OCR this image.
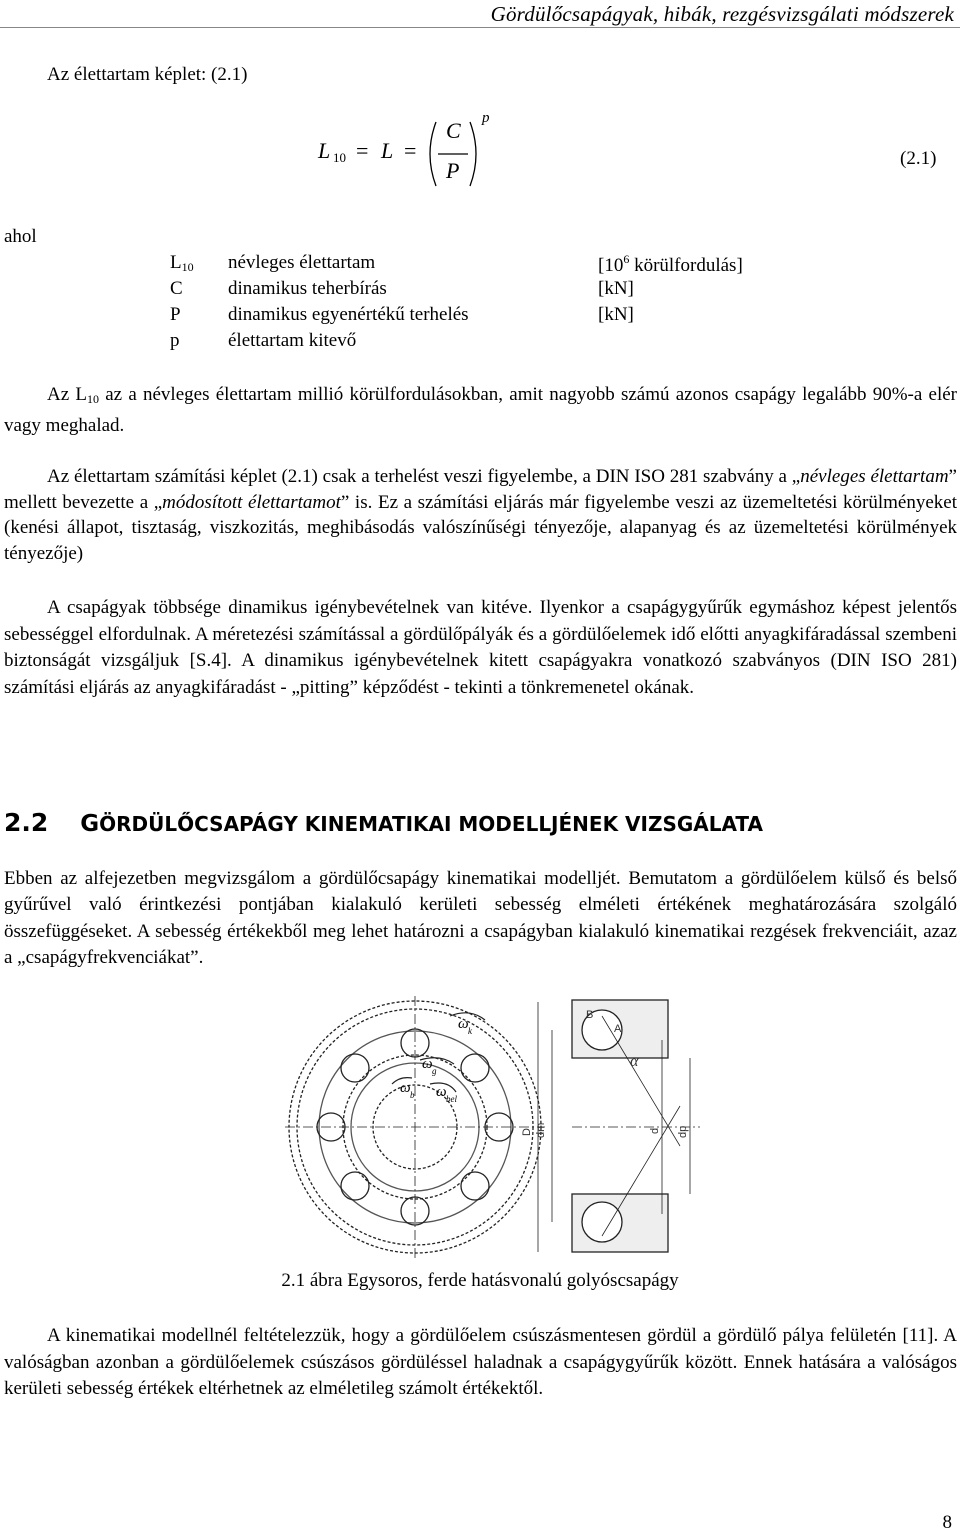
Gördülőcsapágyak, hibák, rezgésvizsgálati módszerek
Az élettartam képlet: (2.1)
L 10 = L =
C
P
p
(2.1)
ahol
$L_{10}$ névleges élettartam	[$10^6$ körülfordulás]
C dinamikus teherbírás	[kN]
P dinamikus egyenértékű terhelés	[kN]
p	élettartam kitevő

Az $L_{10}$ az a névleges élettartam millió körülfordulásokban, amit nagyobb számú azonos csapágy legalább 90%-a elér vagy meghalad.

Az élettartam számítási képlet (2.1) csak a terhelést veszi figyelembe, a DIN ISO 281 szabvány a „névleges élettartam” mellett bevezette a „módosított élettartamot” is. Ez a számítási eljárás már figyelembe veszi az üzemeltetési körülményeket (kenési állapot, tisztaság, viszkozitás, meghibásodás valószínűségi tényezője, alapanyag és az üzemeltetési körülmények tényezője)

A csapágyak többsége dinamikus igénybevételnek van kitéve. Ilyenkor a csapágygyűrűk egymáshoz képest jelentős sebességgel elfordulnak. A méretezési számítással a gördülőpályák és a gördülőelemek idő előtti anyagkifáradással szembeni biztonságát vizsgáljuk [S.4]. A dinamikus igénybevételnek kitett csapágyakra vonatkozó szabványos (DIN ISO 281) számítási eljárás az anyagkifáradást - „pitting” képződést - tekinti a tönkremenetel okának.

2.2 GÖRDÜLŐCSAPÁGY KINEMATIKAI MODELLJÉNEK VIZSGÁLATA

Ebben az alfejezetben megvizsgálom a gördülőcsapágy kinematikai modelljét. Bemutatom a gördülőelem külső és belső gyűrűvel való érintkezési pontjában kialakuló kerületi sebesség elméleti értékének meghatározására szolgáló összefüggéseket. A sebesség értékekből meg lehet határozni a csapágyban kialakuló kinematikai rezgések frekvenciáit, azaz a „csapágyfrekvenciákat”.

ω k
ω g
ω b ω bel
B
A
α
D dm	d dp
2.1 ábra Egysoros, ferde hatásvonalú golyóscsapágy

A kinematikai modellnél feltételezzük, hogy a gördülőelem csúszásmentesen gördül a gördülő pálya felületén [11]. A valóságban azonban a gördülőelemek csúszásos gördüléssel haladnak a csapágygyűrűk között. Ennek hatására a valóságos kerületi sebesség értékek eltérhetnek az elméletileg számolt értékektől.

8
